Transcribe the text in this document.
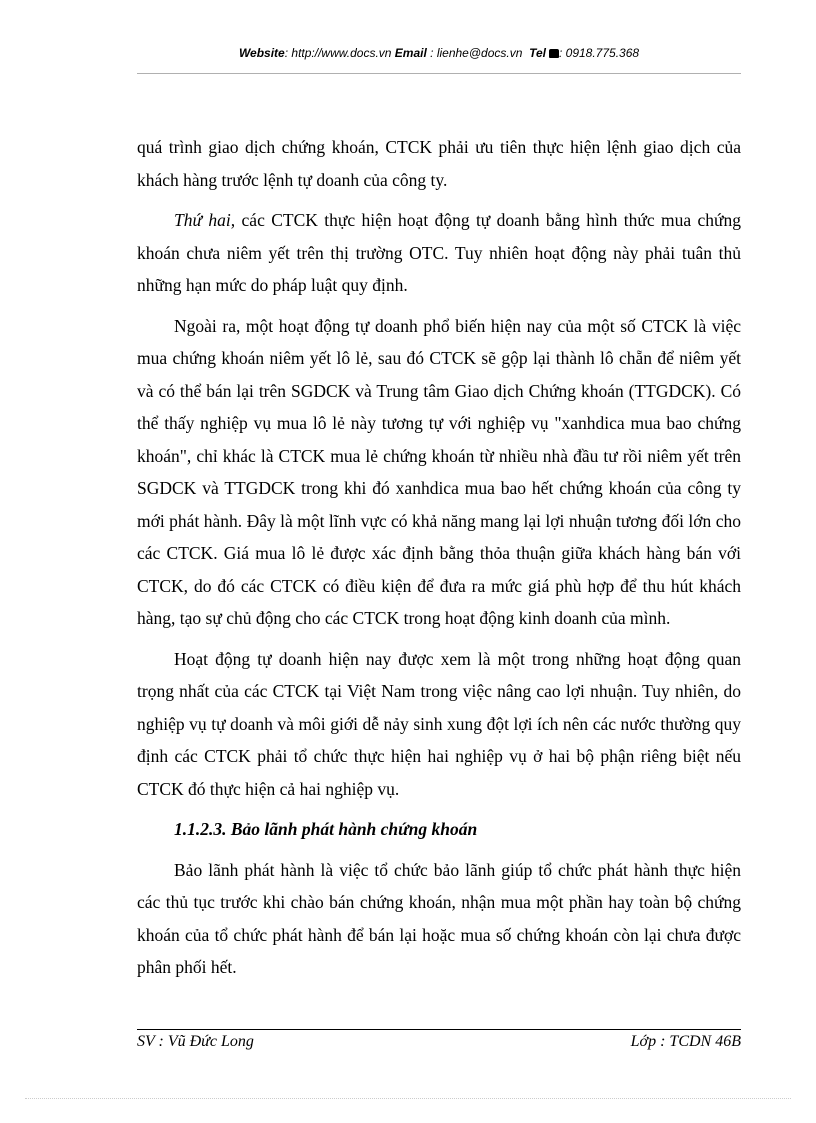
Website: http://www.docs.vn Email : lienhe@docs.vn Tel : 0918.775.368

quá trình giao dịch chứng khoán, CTCK phải ưu tiên thực hiện lệnh giao dịch của khách hàng trước lệnh tự doanh của công ty.

Thứ hai, các CTCK thực hiện hoạt động tự doanh bằng hình thức mua chứng khoán chưa niêm yết trên thị trường OTC. Tuy nhiên hoạt động này phải tuân thủ những hạn mức do pháp luật quy định.

Ngoài ra, một hoạt động tự doanh phổ biến hiện nay của một số CTCK là việc mua chứng khoán niêm yết lô lẻ, sau đó CTCK sẽ gộp lại thành lô chẵn để niêm yết và có thể bán lại trên SGDCK và Trung tâm Giao dịch Chứng khoán (TTGDCK). Có thể thấy nghiệp vụ mua lô lẻ này tương tự với nghiệp vụ "xanhdica mua bao chứng khoán", chỉ khác là CTCK mua lẻ chứng khoán từ nhiều nhà đầu tư rồi niêm yết trên SGDCK và TTGDCK trong khi đó xanhdica mua bao hết chứng khoán của công ty mới phát hành. Đây là một lĩnh vực có khả năng mang lại lợi nhuận tương đối lớn cho các CTCK. Giá mua lô lẻ được xác định bằng thỏa thuận giữa khách hàng bán với CTCK, do đó các CTCK có điều kiện để đưa ra mức giá phù hợp để thu hút khách hàng, tạo sự chủ động cho các CTCK trong hoạt động kinh doanh của mình.

Hoạt động tự doanh hiện nay được xem là một trong những hoạt động quan trọng nhất của các CTCK tại Việt Nam trong việc nâng cao lợi nhuận. Tuy nhiên, do nghiệp vụ tự doanh và môi giới dễ nảy sinh xung đột lợi ích nên các nước thường quy định các CTCK phải tổ chức thực hiện hai nghiệp vụ ở hai bộ phận riêng biệt nếu CTCK đó thực hiện cả hai nghiệp vụ.

1.1.2.3. Bảo lãnh phát hành chứng khoán

Bảo lãnh phát hành là việc tổ chức bảo lãnh giúp tổ chức phát hành thực hiện các thủ tục trước khi chào bán chứng khoán, nhận mua một phần hay toàn bộ chứng khoán của tổ chức phát hành để bán lại hoặc mua số chứng khoán còn lại chưa được phân phối hết.

SV : Vũ Đức Long	Lớp : TCDN 46B
